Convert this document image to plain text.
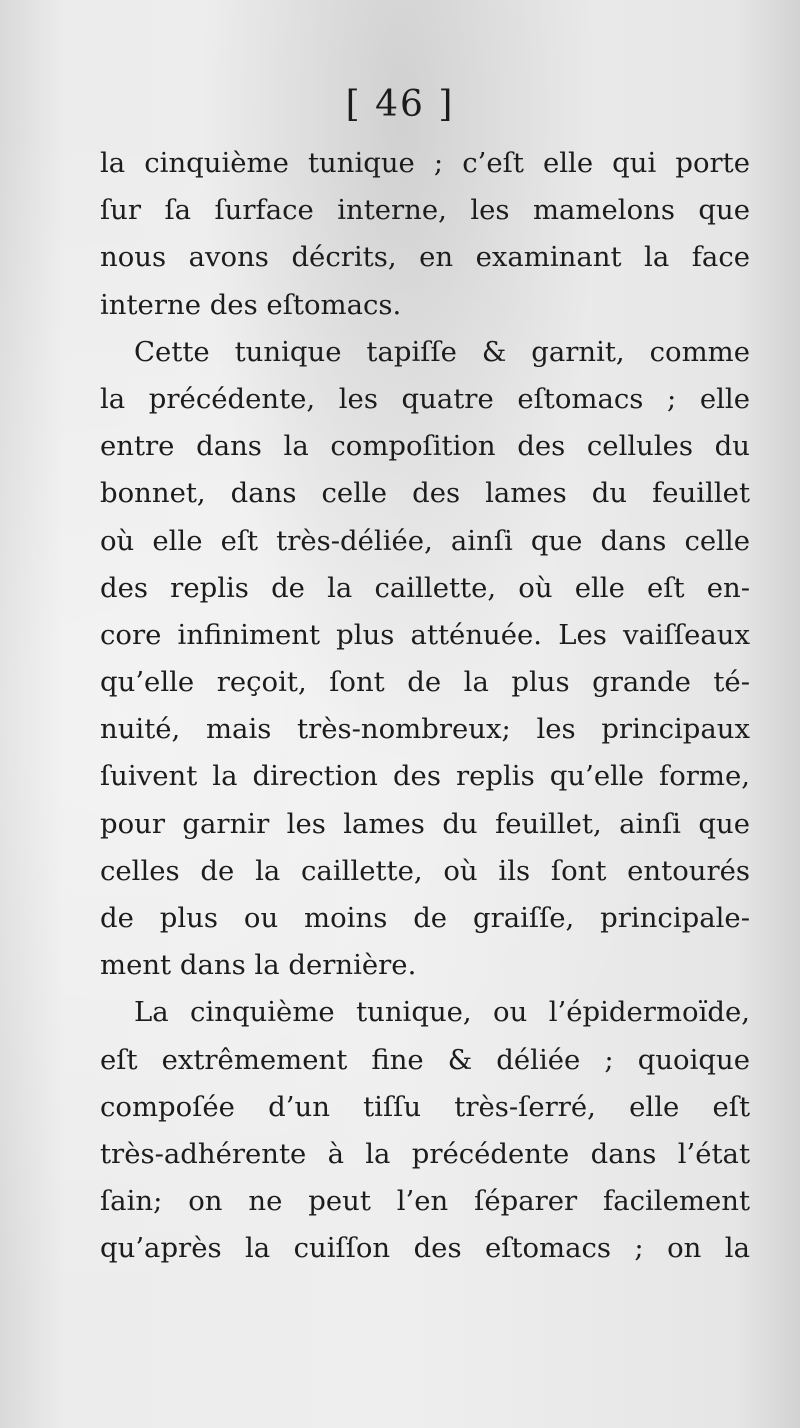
[ 46 ]
la cinquième tunique ; c’eſt elle qui porte
ſur ſa ſurface interne, les mamelons que
nous avons décrits, en examinant la face
interne des eſtomacs.
Cette tunique tapiſſe & garnit, comme
la précédente, les quatre eſtomacs ; elle
entre dans la compoſition des cellules du
bonnet, dans celle des lames du feuillet
où elle eſt très-déliée, ainſi que dans celle
des replis de la caillette, où elle eſt en-
core infiniment plus atténuée. Les vaiſſeaux
qu’elle reçoit, ſont de la plus grande té-
nuité, mais très-nombreux; les principaux
ſuivent la direction des replis qu’elle forme,
pour garnir les lames du feuillet, ainſi que
celles de la caillette, où ils ſont entourés
de plus ou moins de graiſſe, principale-
ment dans la dernière.
La cinquième tunique, ou l’épidermoïde,
eſt extrêmement fine & déliée ; quoique
compoſée d’un tiſſu très-ſerré, elle eſt
très-adhérente à la précédente dans l’état
ſain; on ne peut l’en ſéparer facilement
qu’après la cuiſſon des eſtomacs ; on la
